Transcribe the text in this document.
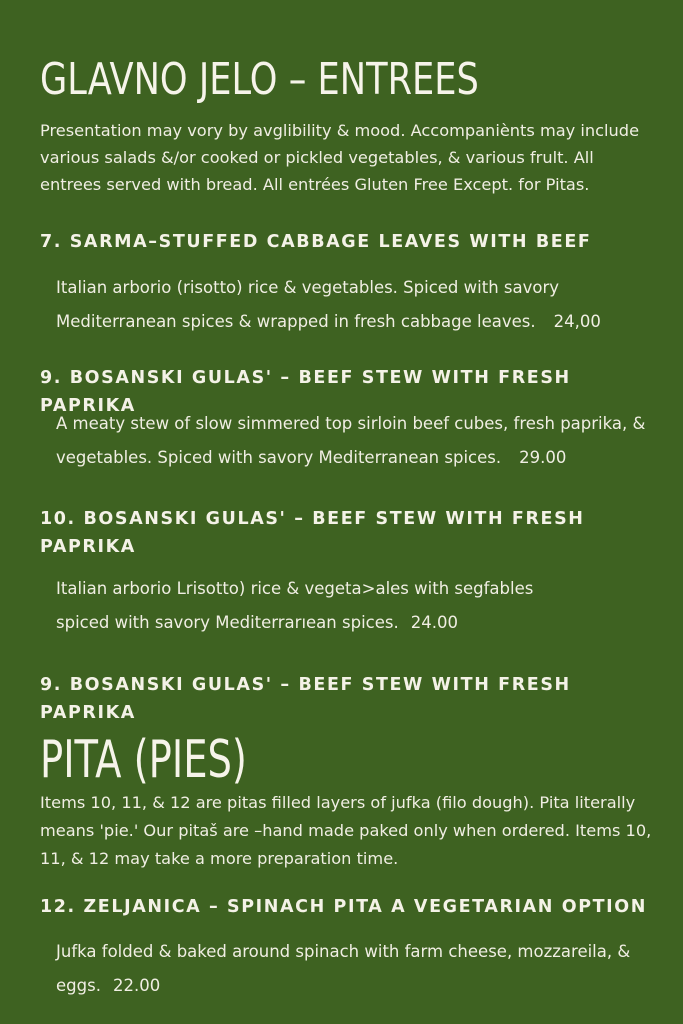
GLAVNO JELO – ENTREES

Presentation may vory by avglibility & mood. Accompaniènts may include various salads &/or cooked or pickled vegetables, & various frult. All entrees served with bread. All entrées Gluten Free Except. for Pitas.

7. SARMA–STUFFED CABBAGE LEAVES WITH BEEF

Italian arborio (risotto) rice & vegetables. Spiced with savory Mediterranean spices & wrapped in fresh cabbage leaves. 24,00

9. BOSANSKI GULAS' – BEEF STEW WITH FRESH PAPRIKA

A meaty stew of slow simmered top sirloin beef cubes, fresh paprika, & vegetables. Spiced with savory Mediterranean spices. 29.00

10. BOSANSKI GULAS' – BEEF STEW WITH FRESH PAPRIKA

Italian arborio Lrisotto) rice & vegeta>ales with segfables spiced with savory Mediterrarıean spices. 24.00

9. BOSANSKI GULAS' – BEEF STEW WITH FRESH PAPRIKA
PITA (PIES)

Items 10, 11, & 12 are pitas filled layers of jufka (filo dough). Pita literally means 'pie.' Our pitaš are –hand made paked only when ordered. Items 10, 11, & 12 may take a more preparation time.

12. ZELJANICA – SPINACH PITA A VEGETARIAN OPTION

Jufka folded & baked around spinach with farm cheese, mozzareila, & eggs. 22.00
